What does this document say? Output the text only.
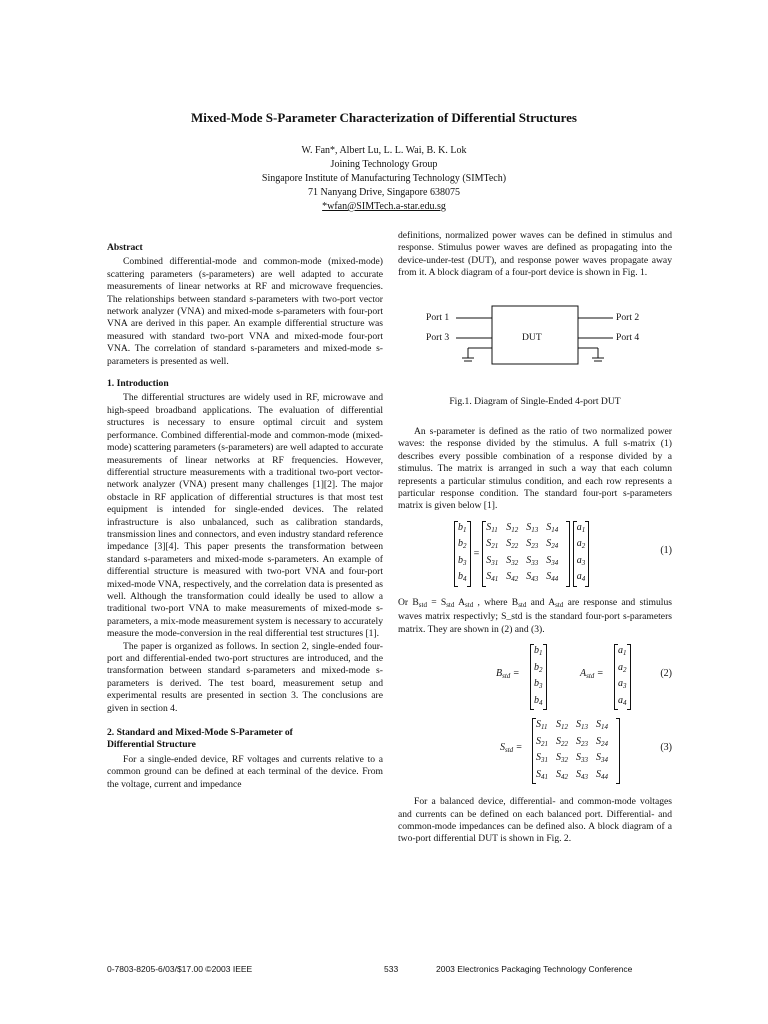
Mixed-Mode S-Parameter Characterization of Differential Structures
W. Fan*, Albert Lu, L. L. Wai, B. K. Lok
Joining Technology Group
Singapore Institute of Manufacturing Technology (SIMTech)
71 Nanyang Drive, Singapore 638075
*wfan@SIMTech.a-star.edu.sg

Abstract

Combined differential-mode and common-mode (mixed-mode) scattering parameters (s-parameters) are well adapted to accurate measurements of linear networks at RF and microwave frequencies. The relationships between standard s-parameters with two-port vector network analyzer (VNA) and mixed-mode s-parameters with four-port VNA are derived in this paper. An example differential structure was measured with standard two-port VNA and mixed-mode four-port VNA. The correlation of standard s-parameters and mixed-mode s-parameters is presented as well.

1. Introduction

The differential structures are widely used in RF, microwave and high-speed broadband applications. The evaluation of differential structures is necessary to ensure optimal circuit and system performance. Combined differential-mode and common-mode (mixed-mode) scattering parameters (s-parameters) are well adapted to accurate measurements of linear networks at RF frequencies. However, differential structure measurements with a traditional two-port vector-network analyzer (VNA) present many challenges [1][2]. The major obstacle in RF application of differential structures is that most test equipment is intended for single-ended devices. The related infrastructure is also unbalanced, such as calibration standards, transmission lines and connectors, and even industry standard reference impedance [3][4]. This paper presents the transformation between standard s-parameters and mixed-mode s-parameters. An example of differential structure is measured with two-port VNA and four-port mixed-mode VNA, respectively, and the correlation data is presented as well. Although the transformation could ideally be used to allow a traditional two-port VNA to make measurements of mixed-mode s-parameters, a mix-mode measurement system is necessary to accurately measure the mode-conversion in the real differential test structures [1].

The paper is organized as follows. In section 2, single-ended four-port and differential-ended two-port structures are introduced, and the transformation between standard s-parameters and mixed-mode s-parameters is derived. The test board, measurement setup and experimental results are presented in section 3. The conclusions are given in section 4.

2. Standard and Mixed-Mode S-Parameter of

Differential Structure

For a single-ended device, RF voltages and currents relative to a common ground can be defined at each terminal of the device. From the voltage, current and impedance

definitions, normalized power waves can be defined in stimulus and response. Stimulus power waves are defined as propagating into the device-under-test (DUT), and response power waves propagate away from it. A block diagram of a four-port device is shown in Fig. 1.

Port 1
Port 3	DUT
Port 2
Port 4

Fig.1. Diagram of Single-Ended 4-port DUT

An s-parameter is defined as the ratio of two normalized power waves: the response divided by the stimulus. A full s-matrix (1) describes every possible combination of a response divided by a stimulus. The matrix is arranged in such a way that each column represents a particular stimulus condition, and each row represents a particular response condition. The standard four-port s-parameters matrix is given below [1].

$b_1$
$b_2$
$b_3$
$b_4$
=
$S_{11}$ $S_{12}$ $S_{13}$ $S_{14}$
$S_{21}$ $S_{22}$ $S_{23}$ $S_{24}$
$S_{31}$ $S_{32}$ $S_{33}$ $S_{34}$
$S_{41}$ $S_{42}$ $S_{43}$ $S_{44}$

$a_1$
$a_2$
$a_3$
$a_4$
(1)

Or $B_{std} = S_{std}$ $A_{std}$ , where $B_{std}$ and $A_{std}$ are response and stimulus waves matrix respectivly; S_std is the standard four-port s-parameters matrix. They are shown in (2) and (3).

$B_{std}$ =
$b_1$
$b_2$
$b_3$
$b_4$
$A_{std}$ =
$a_1$
$a_2$
$a_3$
$a_4$
(2)
$S_{std}$ =
$S_{11}$ $S_{12}$ $S_{13}$ $S_{14}$
$S_{21}$ $S_{22}$ $S_{23}$ $S_{24}$
$S_{31}$ $S_{32}$ $S_{33}$ $S_{34}$
$S_{41}$ $S_{42}$ $S_{43}$ $S_{44}$
(3)

For a balanced device, differential- and common-mode voltages and currents can be defined on each balanced port. Differential- and common-mode impedances can be defined also. A block diagram of a two-port differential DUT is shown in Fig. 2.

0-7803-8205-6/03/$17.00 ©2003 IEEE	533	2003 Electronics Packaging Technology Conference
